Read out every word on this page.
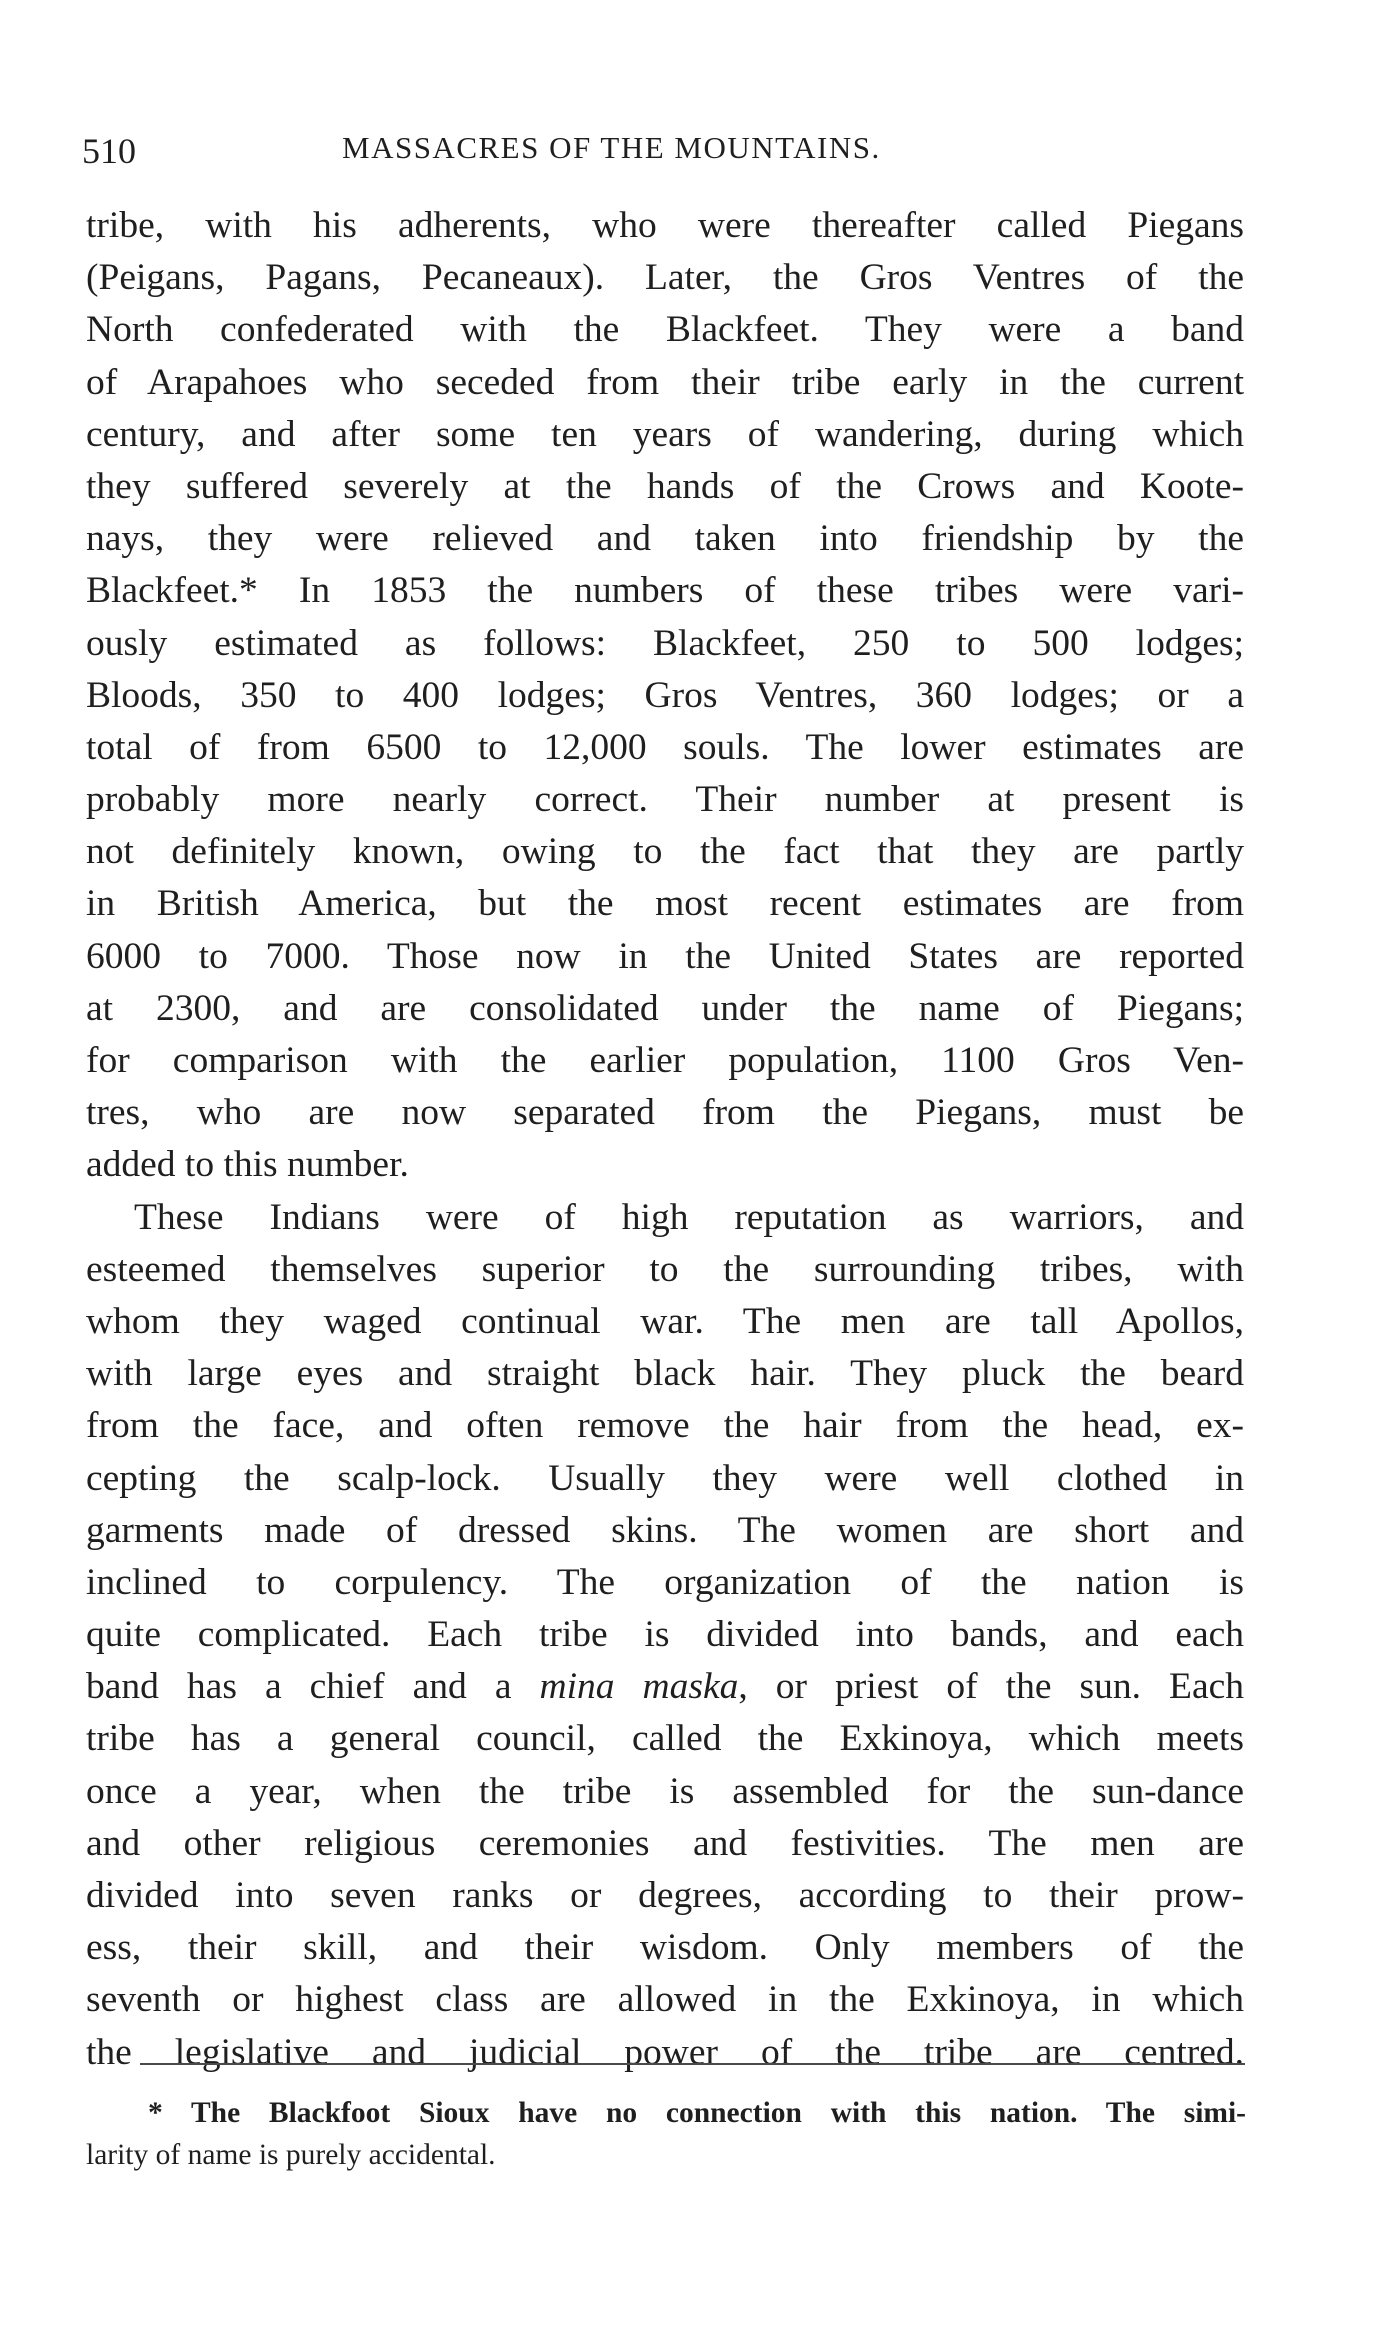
510	MASSACRES OF THE MOUNTAINS.
tribe, with his adherents, who were thereafter called Piegans
(Peigans, Pagans, Pecaneaux). Later, the Gros Ventres of the
North confederated with the Blackfeet. They were a band
of Arapahoes who seceded from their tribe early in the current
century, and after some ten years of wandering, during which
they suffered severely at the hands of the Crows and Koote-
nays, they were relieved and taken into friendship by the
Blackfeet.* In 1853 the numbers of these tribes were vari-
ously estimated as follows: Blackfeet, 250 to 500 lodges;
Bloods, 350 to 400 lodges; Gros Ventres, 360 lodges; or a
total of from 6500 to 12,000 souls. The lower estimates are
probably more nearly correct. Their number at present is
not definitely known, owing to the fact that they are partly
in British America, but the most recent estimates are from
6000 to 7000. Those now in the United States are reported
at 2300, and are consolidated under the name of Piegans;
for comparison with the earlier population, 1100 Gros Ven-
tres, who are now separated from the Piegans, must be
added to this number.
These Indians were of high reputation as warriors, and
esteemed themselves superior to the surrounding tribes, with
whom they waged continual war. The men are tall Apollos,
with large eyes and straight black hair. They pluck the beard
from the face, and often remove the hair from the head, ex-
cepting the scalp-lock. Usually they were well clothed in
garments made of dressed skins. The women are short and
inclined to corpulency. The organization of the nation is
quite complicated. Each tribe is divided into bands, and each
band has a chief and a mina maska, or priest of the sun. Each
tribe has a general council, called the Exkinoya, which meets
once a year, when the tribe is assembled for the sun-dance
and other religious ceremonies and festivities. The men are
divided into seven ranks or degrees, according to their prow-
ess, their skill, and their wisdom. Only members of the
seventh or highest class are allowed in the Exkinoya, in which
the legislative and judicial power of the tribe are centred.
* The Blackfoot Sioux have no connection with this nation. The simi-
larity of name is purely accidental.
